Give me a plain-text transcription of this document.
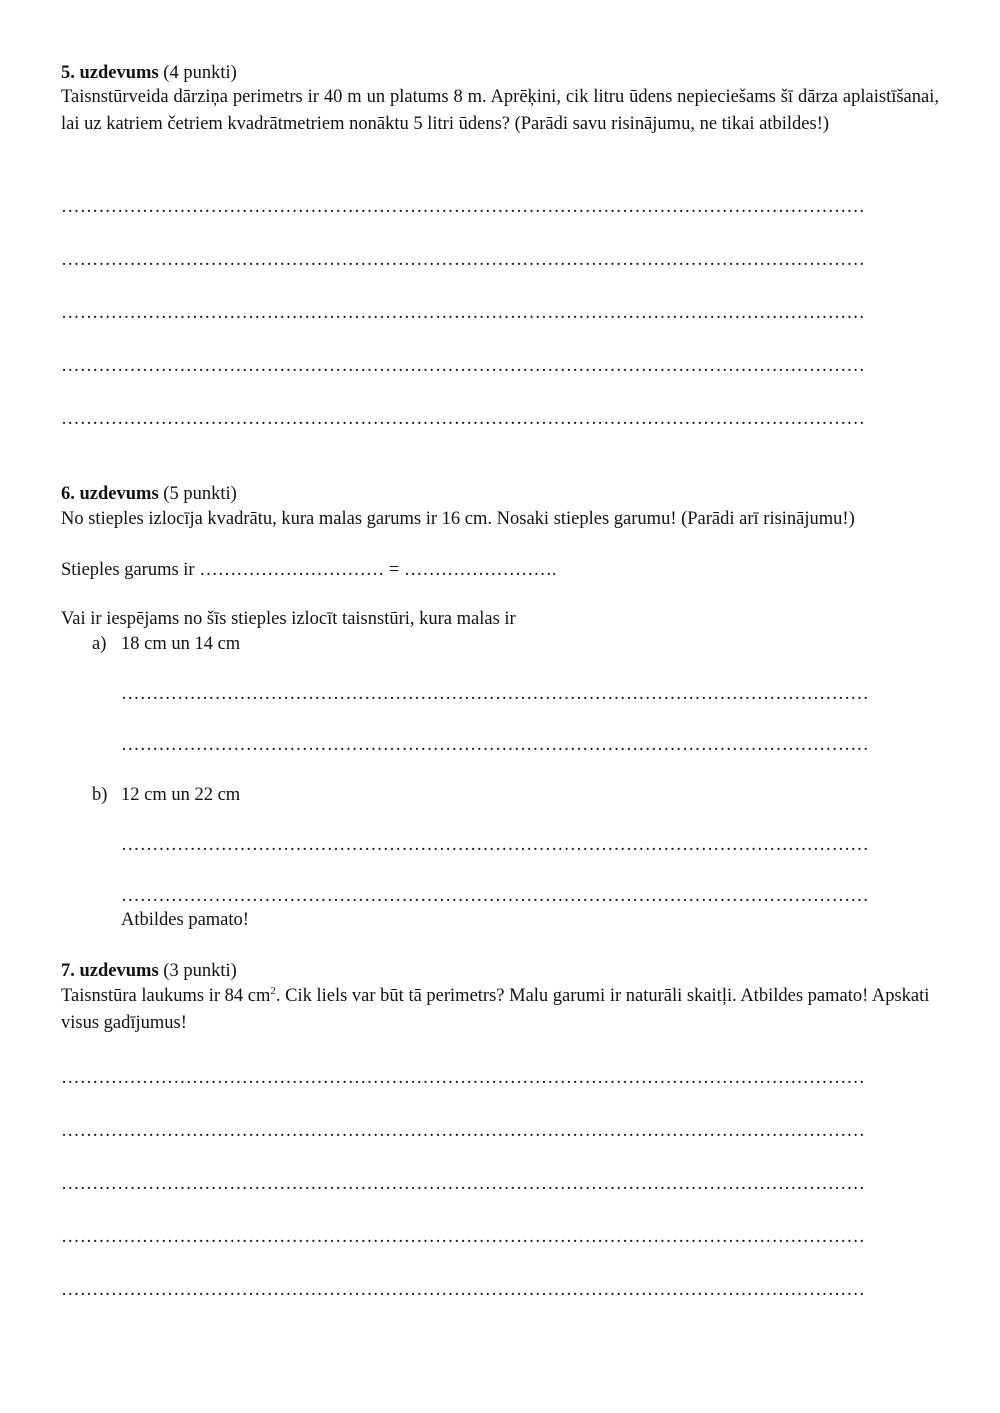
5. uzdevums (4 punkti)
Taisnstūrveida dārziņa perimetrs ir 40 m un platums 8 m. Aprēķini, cik litru ūdens nepieciešams šī dārza aplaistīšanai, lai uz katriem četriem kvadrātmetriem nonāktu 5 litri ūdens? (Parādi savu risinājumu, ne tikai atbildes!)
…………………………………………………………………………………………………………………
…………………………………………………………………………………………………………………
…………………………………………………………………………………………………………………
…………………………………………………………………………………………………………………
…………………………………………………………………………………………………………………
6. uzdevums (5 punkti)
No stieples izlocīja kvadrātu, kura malas garums ir 16 cm. Nosaki stieples garumu! (Parādi arī risinājumu!)
Stieples garums ir ………………………… = …………………….
Vai ir iespējams no šīs stieples izlocīt taisnstūri, kura malas ir
a) 18 cm un 14 cm
…………………………………………………………………………………………………………
…………………………………………………………………………………………………………
b) 12 cm un 22 cm
…………………………………………………………………………………………………………
…………………………………………………………………………………………………………
Atbildes pamato!
7. uzdevums (3 punkti)
Taisnstūra laukums ir 84 $cm^2$. Cik liels var būt tā perimetrs? Malu garumi ir naturāli skaitļi. Atbildes pamato! Apskati visus gadījumus!
…………………………………………………………………………………………………………………
…………………………………………………………………………………………………………………
…………………………………………………………………………………………………………………
…………………………………………………………………………………………………………………
…………………………………………………………………………………………………………………
